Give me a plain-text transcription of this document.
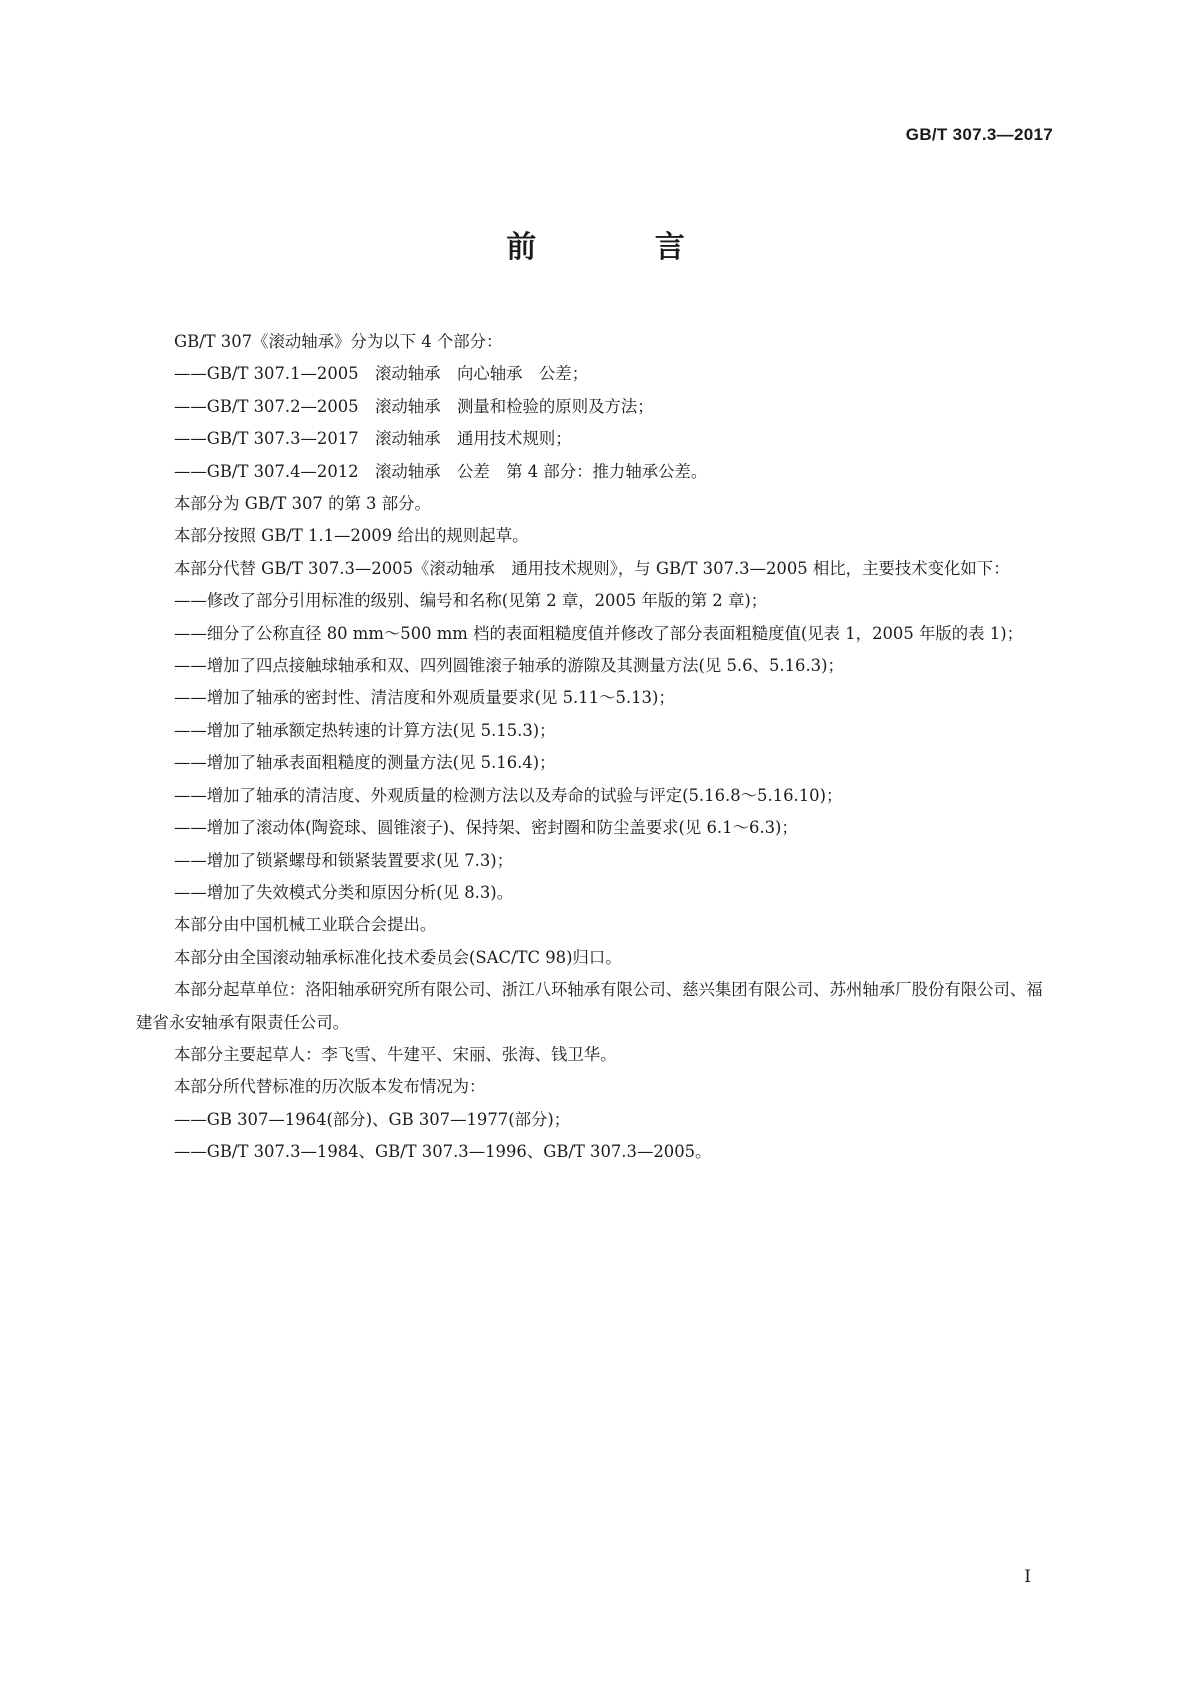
GB/T 307.3—2017
前 言
GB/T 307《滚动轴承》分为以下 4 个部分：
——GB/T 307.1—2005　滚动轴承　向心轴承　公差；
——GB/T 307.2—2005　滚动轴承　测量和检验的原则及方法；
——GB/T 307.3—2017　滚动轴承　通用技术规则；
——GB/T 307.4—2012　滚动轴承　公差　第 4 部分：推力轴承公差。
本部分为 GB/T 307 的第 3 部分。
本部分按照 GB/T 1.1—2009 给出的规则起草。
本部分代替 GB/T 307.3—2005《滚动轴承　通用技术规则》，与 GB/T 307.3—2005 相比，主要技术变化如下：
——修改了部分引用标准的级别、编号和名称(见第 2 章，2005 年版的第 2 章)；
——细分了公称直径 80 mm～500 mm 档的表面粗糙度值并修改了部分表面粗糙度值(见表 1，2005 年版的表 1)；
——增加了四点接触球轴承和双、四列圆锥滚子轴承的游隙及其测量方法(见 5.6、5.16.3)；
——增加了轴承的密封性、清洁度和外观质量要求(见 5.11～5.13)；
——增加了轴承额定热转速的计算方法(见 5.15.3)；
——增加了轴承表面粗糙度的测量方法(见 5.16.4)；
——增加了轴承的清洁度、外观质量的检测方法以及寿命的试验与评定(5.16.8～5.16.10)；
——增加了滚动体(陶瓷球、圆锥滚子)、保持架、密封圈和防尘盖要求(见 6.1～6.3)；
——增加了锁紧螺母和锁紧装置要求(见 7.3)；
——增加了失效模式分类和原因分析(见 8.3)。
本部分由中国机械工业联合会提出。
本部分由全国滚动轴承标准化技术委员会(SAC/TC 98)归口。
本部分起草单位：洛阳轴承研究所有限公司、浙江八环轴承有限公司、慈兴集团有限公司、苏州轴承厂股份有限公司、福建省永安轴承有限责任公司。
本部分主要起草人：李飞雪、牛建平、宋丽、张海、钱卫华。
本部分所代替标准的历次版本发布情况为：
——GB 307—1964(部分)、GB 307—1977(部分)；
——GB/T 307.3—1984、GB/T 307.3—1996、GB/T 307.3—2005。
I
